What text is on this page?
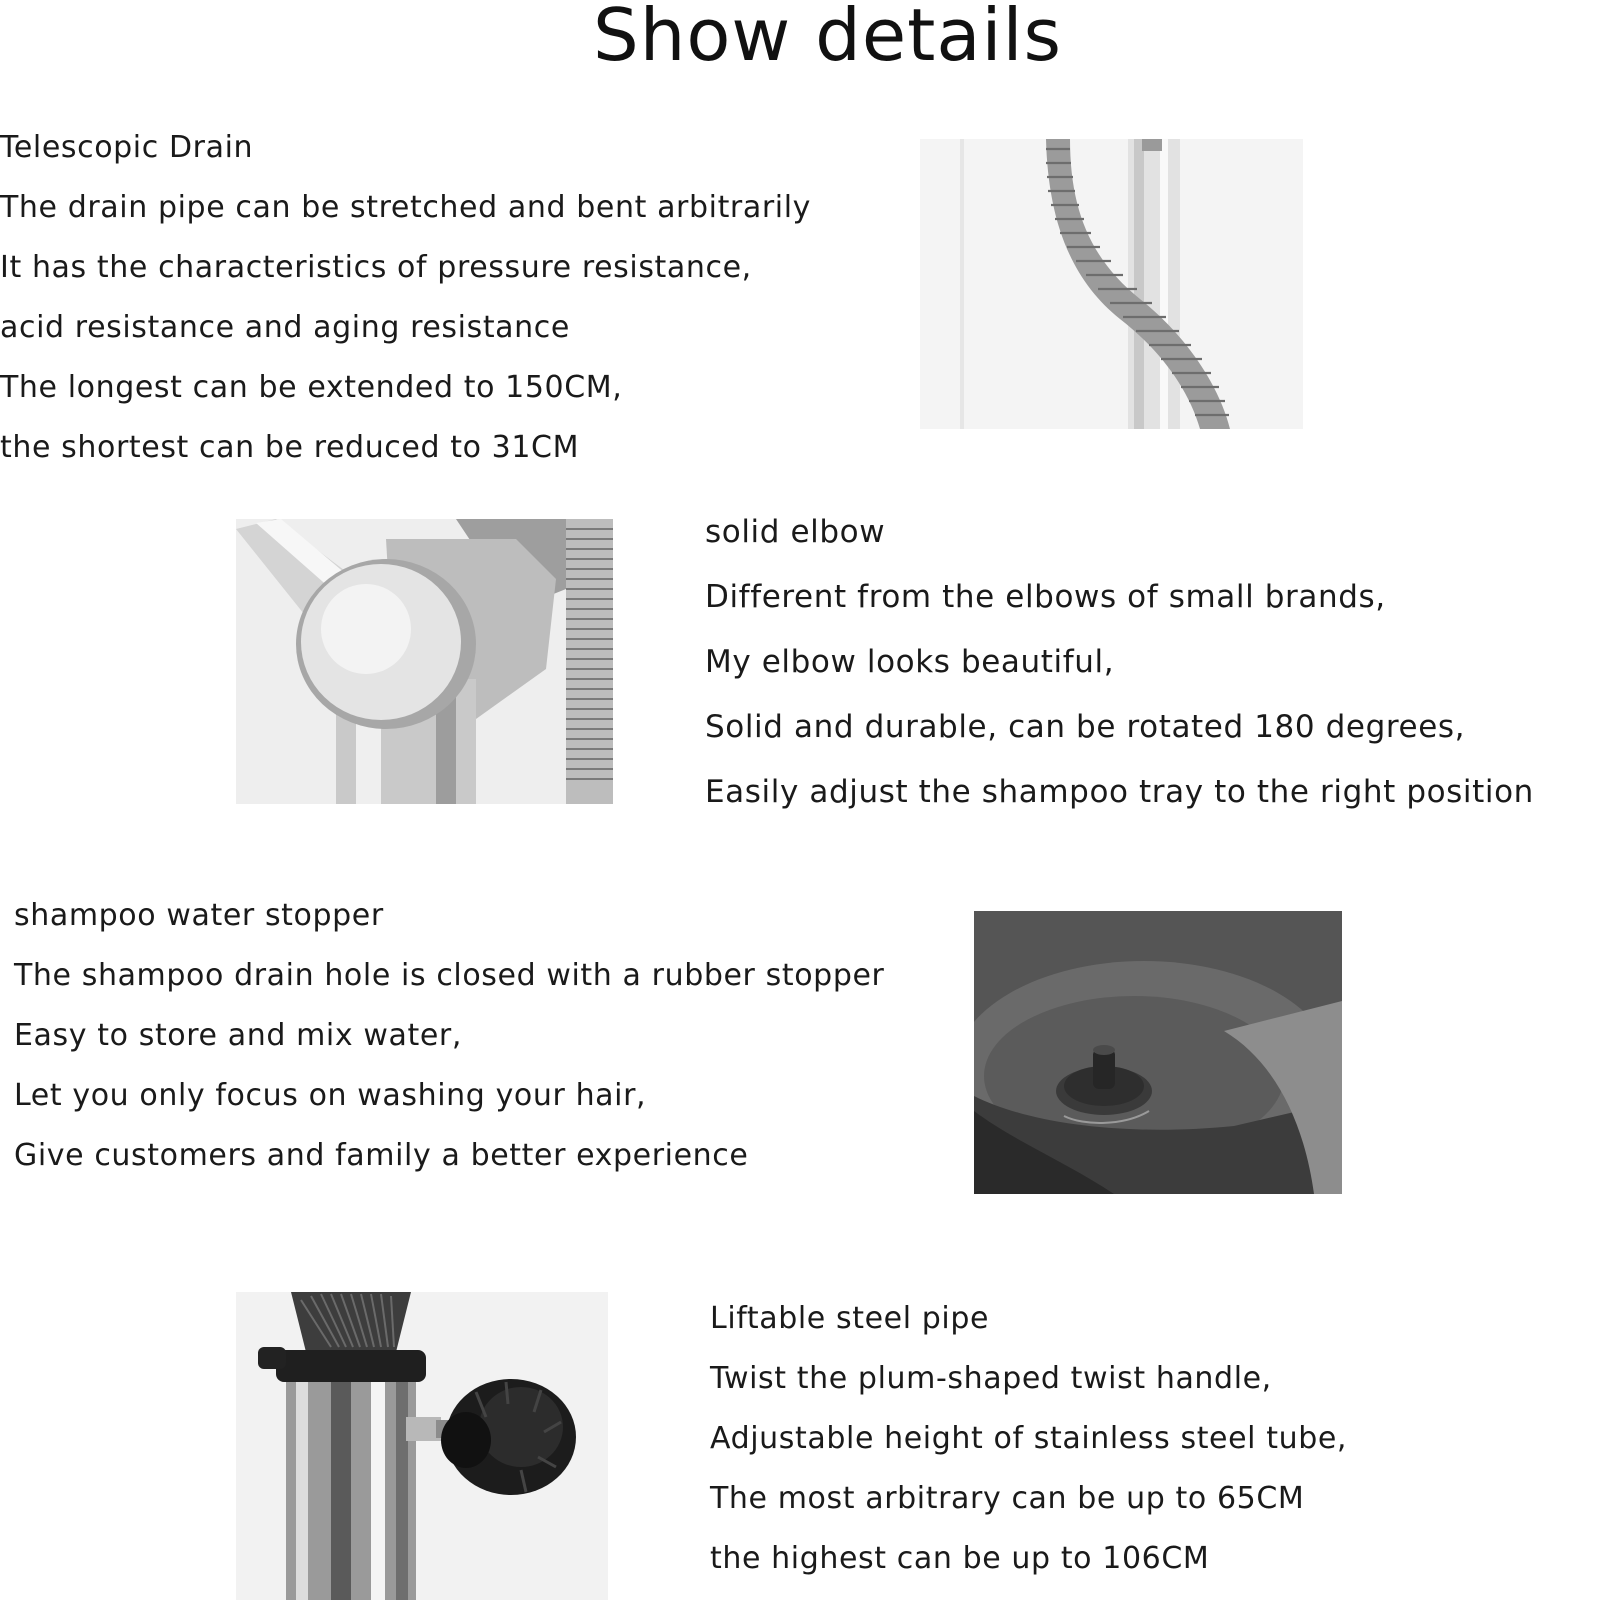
Show details
Telescopic Drain
The drain pipe can be stretched and bent arbitrarily
It has the characteristics of pressure resistance,
acid resistance and aging resistance
The longest can be extended to 150CM,
the shortest can be reduced to 31CM
solid elbow
Different from the elbows of small brands,
My elbow looks beautiful,
Solid and durable, can be rotated 180 degrees,
Easily adjust the shampoo tray to the right position
shampoo water stopper
The shampoo drain hole is closed with a rubber stopper
Easy to store and mix water,
Let you only focus on washing your hair,
Give customers and family a better experience
Liftable steel pipe
Twist the plum-shaped twist handle,
Adjustable height of stainless steel tube,
The most arbitrary can be up to 65CM
the highest can be up to 106CM
